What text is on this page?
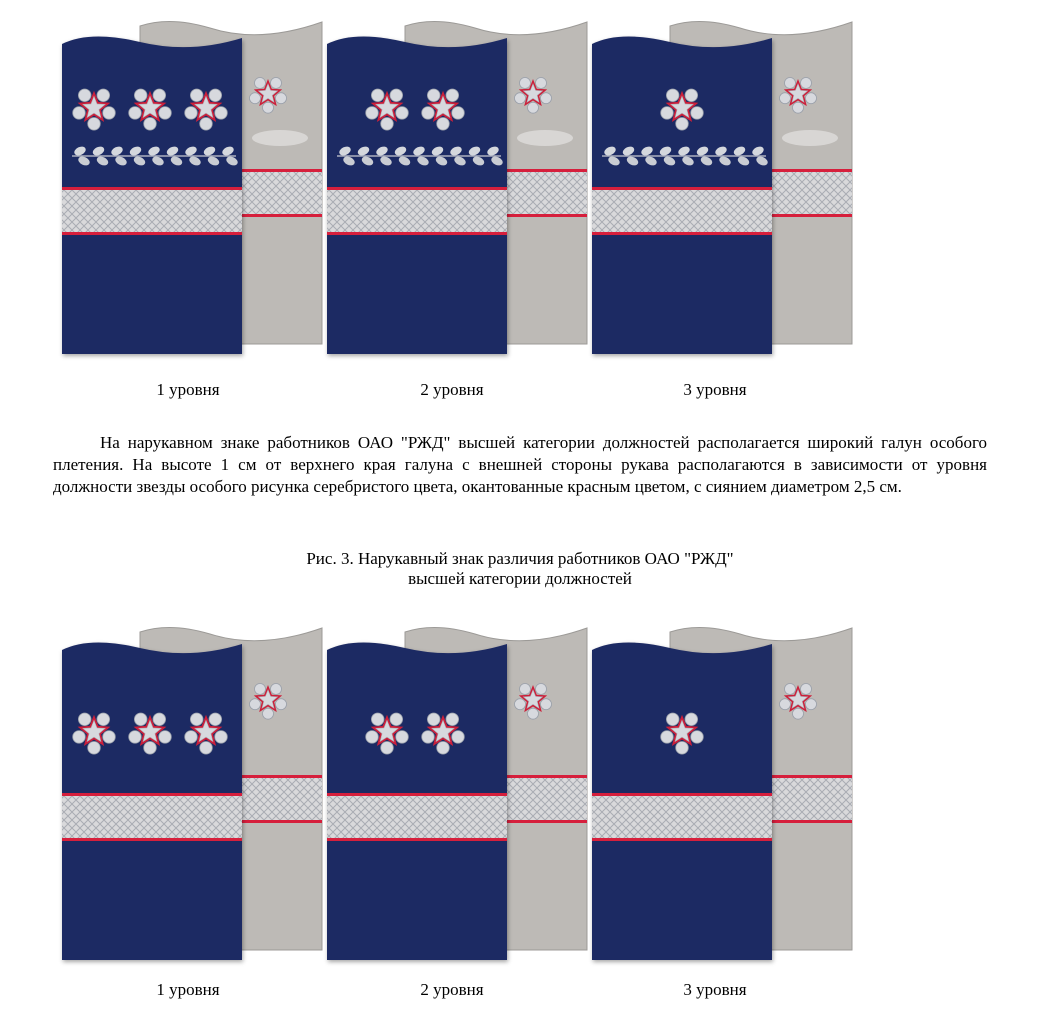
1 уровня	2 уровня	3 уровня

На нарукавном знаке работников ОАО "РЖД" высшей категории должностей располагается широкий галун особого плетения. На высоте 1 см от верхнего края галуна с внешней стороны рукава располагаются в зависимости от уровня должности звезды особого рисунка серебристого цвета, окантованные красным цветом, с сиянием диаметром 2,5 см.

Рис. 3. Нарукавный знак различия работников ОАО "РЖД"
высшей категории должностей
1 уровня	2 уровня	3 уровня
